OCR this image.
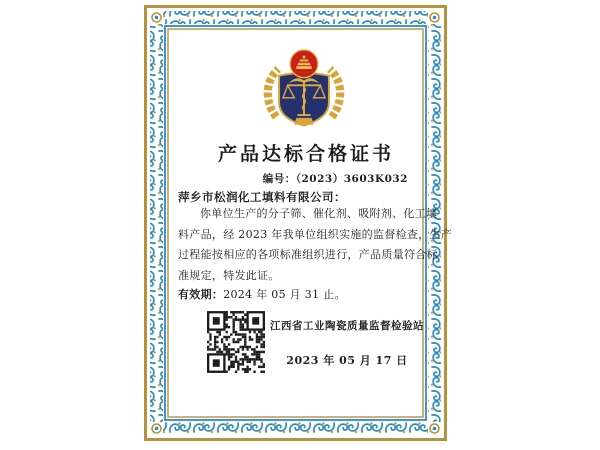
产品达标合格证书
编号：（2023）3603K032
萍乡市松润化工填料有限公司：
你单位生产的分子筛、催化剂、吸附剂、化工填
料产品，经 2023 年我单位组织实施的监督检查，生产
过程能按相应的各项标准组织进行，产品质量符合标
准规定，特发此证。
有效期：2024 年 05 月 31 止。
江西省工业陶瓷质量监督检验站
2023 年 05 月 17 日
